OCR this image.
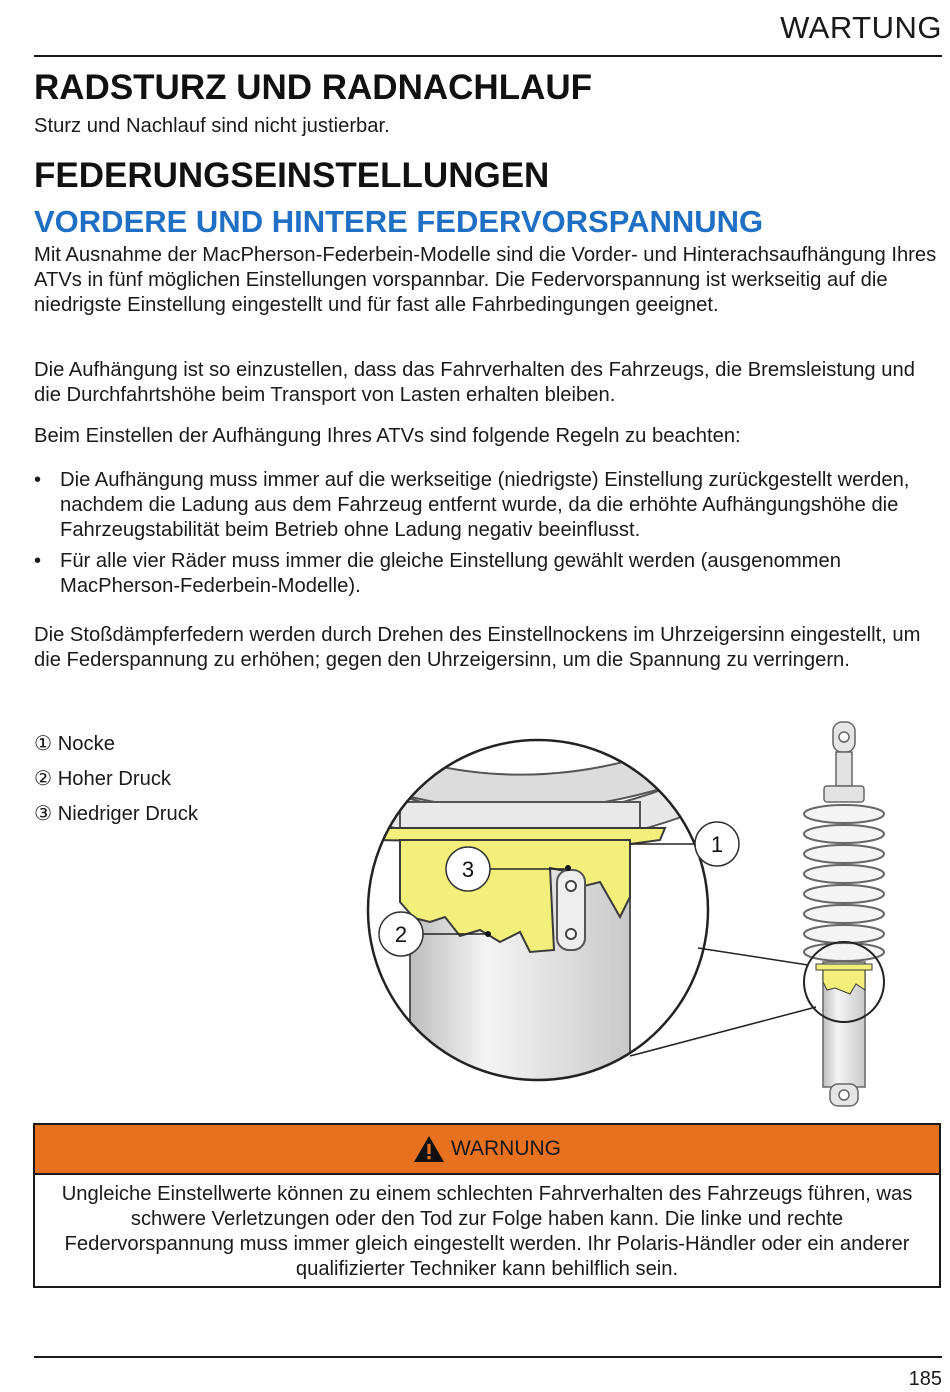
WARTUNG
RADSTURZ UND RADNACHLAUF

Sturz und Nachlauf sind nicht justierbar.

FEDERUNGSEINSTELLUNGEN
VORDERE UND HINTERE FEDERVORSPANNUNG

Mit Ausnahme der MacPherson-Federbein-Modelle sind die Vorder- und Hinterachsaufhängung Ihres ATVs in fünf möglichen Einstellungen vorspannbar. Die Federvorspannung ist werkseitig auf die niedrigste Einstellung eingestellt und für fast alle Fahrbedingungen geeignet.

Die Aufhängung ist so einzustellen, dass das Fahrverhalten des Fahrzeugs, die Bremsleistung und die Durchfahrtshöhe beim Transport von Lasten erhalten bleiben.

Beim Einstellen der Aufhängung Ihres ATVs sind folgende Regeln zu beachten:

• Die Aufhängung muss immer auf die werkseitige (niedrigste) Einstellung zurückgestellt werden, nachdem die Ladung aus dem Fahrzeug entfernt wurde, da die erhöhte Aufhängungshöhe die Fahrzeugstabilität beim Betrieb ohne Ladung negativ beeinflusst.
• Für alle vier Räder muss immer die gleiche Einstellung gewählt werden (ausgenommen MacPherson-Federbein-Modelle).

Die Stoßdämpferfedern werden durch Drehen des Einstellnockens im Uhrzeigersinn eingestellt, um die Federspannung zu erhöhen; gegen den Uhrzeigersinn, um die Spannung zu verringern.

① Nocke
② Hoher Druck
③ Niedriger Druck
3
2
1
WARNUNG
Ungleiche Einstellwerte können zu einem schlechten Fahrverhalten des Fahrzeugs führen, was schwere Verletzungen oder den Tod zur Folge haben kann. Die linke und rechte Federvorspannung muss immer gleich eingestellt werden. Ihr Polaris-Händler oder ein anderer qualifizierter Techniker kann behilflich sein.
185
